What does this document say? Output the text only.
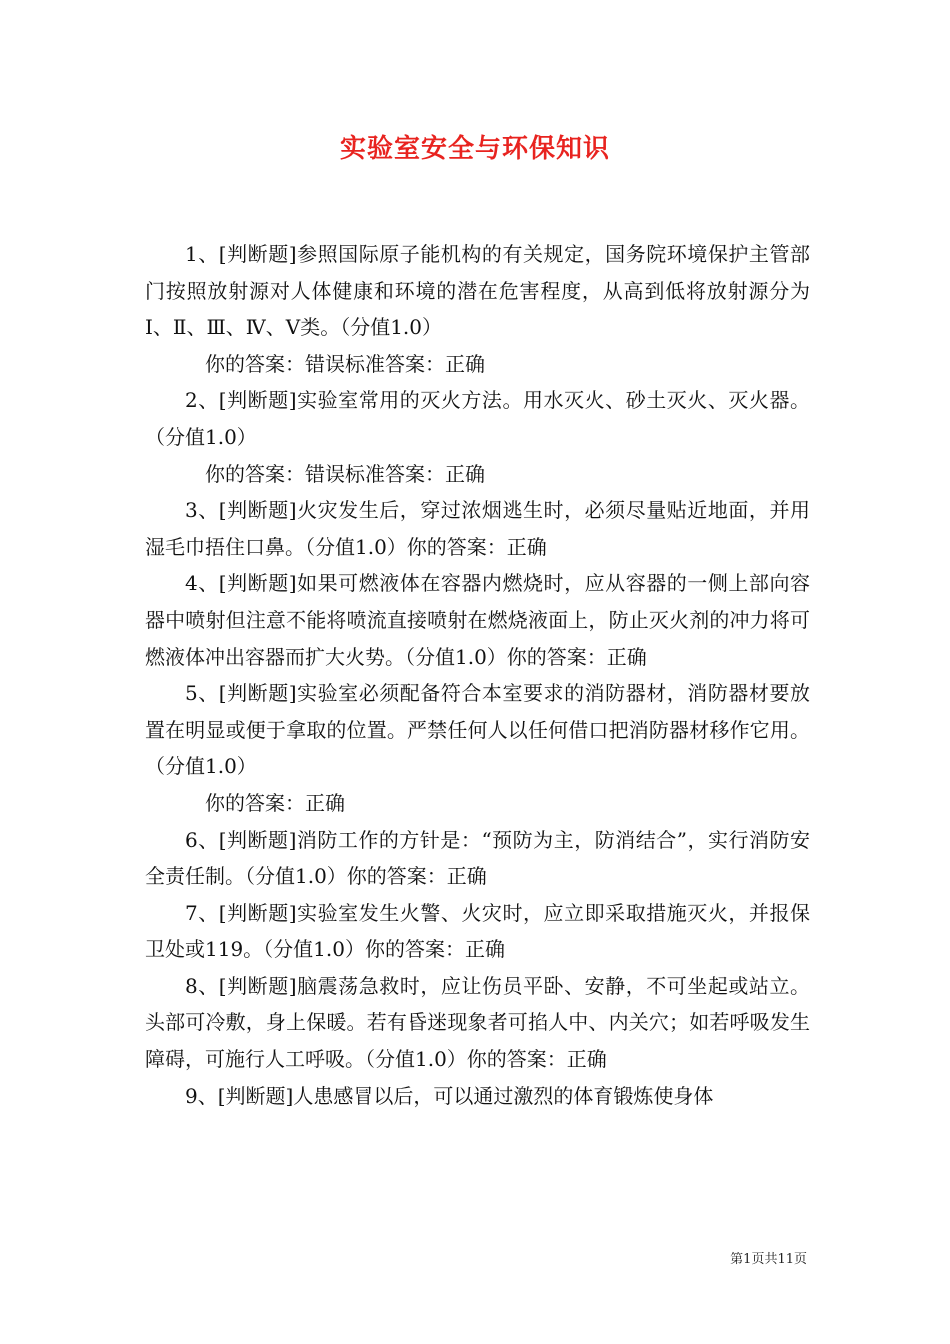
实验室安全与环保知识

1、[判断题]参照国际原子能机构的有关规定，国务院环境保护主管部门按照放射源对人体健康和环境的潜在危害程度，从高到低将放射源分为Ⅰ、Ⅱ、Ⅲ、Ⅳ、Ⅴ类。（分值1.0）

你的答案：错误标准答案：正确

2、[判断题]实验室常用的灭火方法。用水灭火、砂土灭火、灭火器。（分值1.0）

你的答案：错误标准答案：正确

3、[判断题]火灾发生后，穿过浓烟逃生时，必须尽量贴近地面，并用湿毛巾捂住口鼻。（分值1.0）你的答案：正确

4、[判断题]如果可燃液体在容器内燃烧时，应从容器的一侧上部向容器中喷射但注意不能将喷流直接喷射在燃烧液面上，防止灭火剂的冲力将可燃液体冲出容器而扩大火势。（分值1.0）你的答案：正确

5、[判断题]实验室必须配备符合本室要求的消防器材，消防器材要放置在明显或便于拿取的位置。严禁任何人以任何借口把消防器材移作它用。（分值1.0）

你的答案：正确

6、[判断题]消防工作的方针是：“预防为主，防消结合”，实行消防安全责任制。（分值1.0）你的答案：正确

7、[判断题]实验室发生火警、火灾时，应立即采取措施灭火，并报保卫处或119。（分值1.0）你的答案：正确

8、[判断题]脑震荡急救时，应让伤员平卧、安静，不可坐起或站立。头部可冷敷，身上保暖。若有昏迷现象者可掐人中、内关穴；如若呼吸发生障碍，可施行人工呼吸。（分值1.0）你的答案：正确

9、[判断题]人患感冒以后，可以通过激烈的体育锻炼使身体

第1页共11页
